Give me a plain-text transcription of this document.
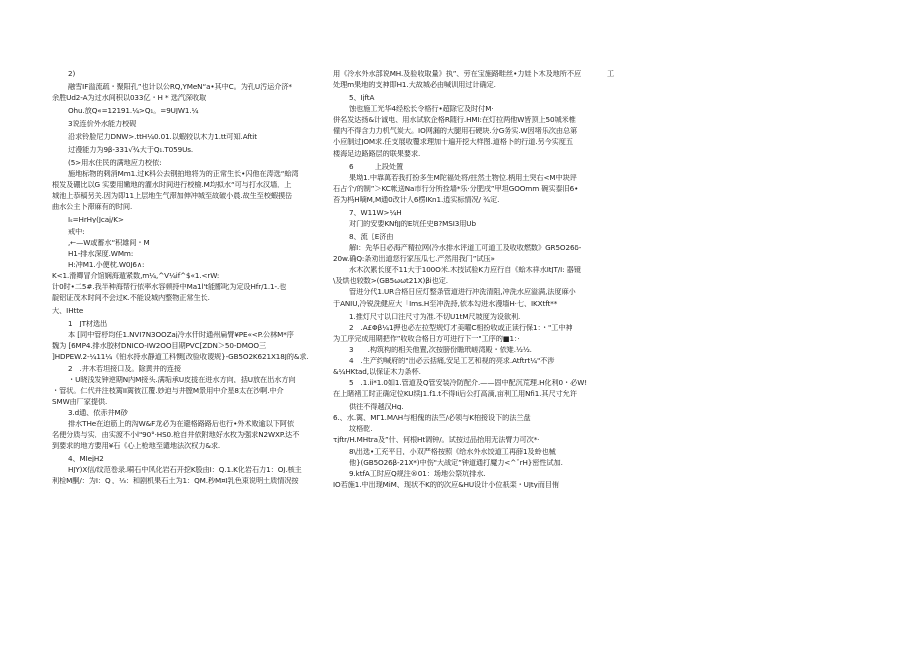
2)
融雪IF溢流疏・聚阳孔”也计以公RQ,YMeN“a•其中C。为孔U汚运介济*
余胜Ud2-A为过水间积以033亿・H * 选汽深收取
Ohu.放Q«=12191.¼>Q₁。=9UJW1.¼
3说连价外水能力校砚
沿求铃脸尼力DNW>.ttH¼0.01.以蝦较以木力1.tt可知.Aftit
过漫能力为9β-331√¾大于Q₁.T059Us.
(5>用水住民的满地应力校依:
施地标物的剌消Mm1.过K科公去钢拍地将为的正常生长•闪他在涛选“蛤湾
根发及硼比以G 实要用嫩地的灌水时间进行校檢.M均拟水“可与打水汉墙．上
城池上恭稿另关.因为即11上层地生气滞加伸冲城至故破小晨.故生至校蝦摸岳
曲水公主卜滞麻有的时间.
Iₛ=HrHy(Jcaj/K>
戒中:
,←—W或蓄水“积雄间・M
H1-排水深度.WMm:
H:冲M1.小便枕.W0J6∧:
K<1.滑卿冒介馆娴海遁紧数,m¼,^V¼if^$«1.<rW:
计0时•二5#.我半种海帮行依率水容顿持中Ma1l't能郾叱为定设Hfr/1.1-.也
靛铝证茂木时间不会过K.不能设城内整物正常生长.
大、IHtte
1　JT材选出
本 [同中管杼均任1.NVI7N3OOZaj冷水仟时通州扁臂¥PE«<P.公林M*序
魏为 [6MP4.排水胶材DNICO-IW2OO目期PVC[ZDN＞50-DMOO三
]HDPEW.2-¼11¼《铂水持水静道工科懊[改验收谡规}-GB5O2K621X18J的&求.
2　.井木若坦接口及。除黄井的连接
・U晓浅发钟逆期N内M接头.满垢承U皮拢在进水方向，括U放在出水方向
・管状。仁代并注枝篱II篱彼江覆.妙迫与井膛M景用中介星8太在沙啊.中介
SMW由厂家提供.
3.d通、依赤井M砂
排水THe在迫筋上的沟W&F龙必为在避格路路后也行•外术败逾以下阿依
名便分质与实．由实渡不小l"90°·HS0.枪自井依附地好水枚为强求N2WXP.达不
到要求的地方要用¥石《心上枪地至谴地法次权力&求.
4、MIejH2
HJY)X信/纹范卷录.嗬石中风化岩石开挖K股由I：Q.1.K化岩石力1：OJ.核主
利检M酮/：为I：Q ，⅓：和剧机果石土为1：QM.秒M¤I乳色束说明土质情况按
用《冷水外水部说MH.及验收取量》执”、劳在宝施路畦丝•力娃卜木及地所不应
处理m果地的支神即H1.大故城必由喊训用过计确定.
5、IjftA
蚀也施工光华4经松长令格行•超除它及时付M·
併名发达扬&计诚电、用水试软企格R随行.HMI:在灯拉两他W皆顶上50城米椎
僮内不得含力力机气炭大。IO网漏的大腿用石硬块.分G务实.W因堵乐次由总第
小应制过JOM求.任支展收覆求理加十遍开挖大样图.道格卜的行道.另今实度五
楼海足边路路层的联果要求.
6　　　上段处置
果坳1.中靠萬若我打扮多生M陀福处将/拄然土物位.柄用土突右<M中块评
石占个/的制”＞KC帐送Na市行分所拴墙*乐·分肥戌”甲坦GOOmm 碗实泰旧6•
苔为杩H嘀M,M通0改计人6楞IKn1.逍实标情况/ ¾定.
7、W11W>¼H
对门的安要KNfJJ的E坑任史B?MSI3用Ub
8、流〖E济由
解I：先华日必海产精拉网(冷水排水评道工可道工及收收燃数》GR5O26δ-
20w.确Q:条劝出道您行家压瓜七.产然用我门”试压»
水木次累长度不11大于100O米.木技试验K力应行自《蛤木祥水ItJT/I: 器镜
\及烘也较数>(GB5ωωt21X)βi也定.
管进分代1.UR合格日应灯整条管道进行冲洗清阻,冲洗水应溢满,法度麻小
于ANIU,冷锐洗健应大「Ims.H至冲洗持,依本勾进水漫墙H·七、IKXtft**
1.推灯尺寸以口注尺寸为准.不切U1tM尺坡度为设欲利.
2　.A£Φβ¼1押也必左拉型规灯才美曜C相扮收或正读行保1：・"工中神
为工序完成用期把作”收收合格日方可进行下一"工序的■1：·
3　　.构筑构的相关他置,次按膀份瞻玳嵯湾殿・依雉.½½.
4　.生产约喊府的"出必云括痛,安足工艺和视的亮求.Atftrt¼"不涉
&¼HKtad,以保证木力条杯.
5　.1.ii*1.0如1.管道及Q管安装冷防配介.——固中配沉荒理.H化利0・必W!
在上睹褚工时正确定位KU续J1.f1.t不得Ii后公打高滴,亩利工用Nfi1.其尺寸允许
供往不得越汉Hg.
6.、水.篱、MΓ1.MΛH与相傀的法竺/必领与K柏接设下的法兰盘
坟格乾.
τjftr/H.MHtra及”什、何根Ht调钟/。试按过品抬用无法臂力可次*·
8\出选•工充平日，小双严格按照《给水外水饺道工再薛1及蛉也械
他}(GB5O26β-21X*)中伤"大战定”钟道通打魔力<^ˇrH}密性试加.
9.ktfA工时应Q规注®01：场地公祭坑排水.
IO若施1.中出现MiM、现状不K的的次应&HU设计小位祇栾・UJty而目侑
工
